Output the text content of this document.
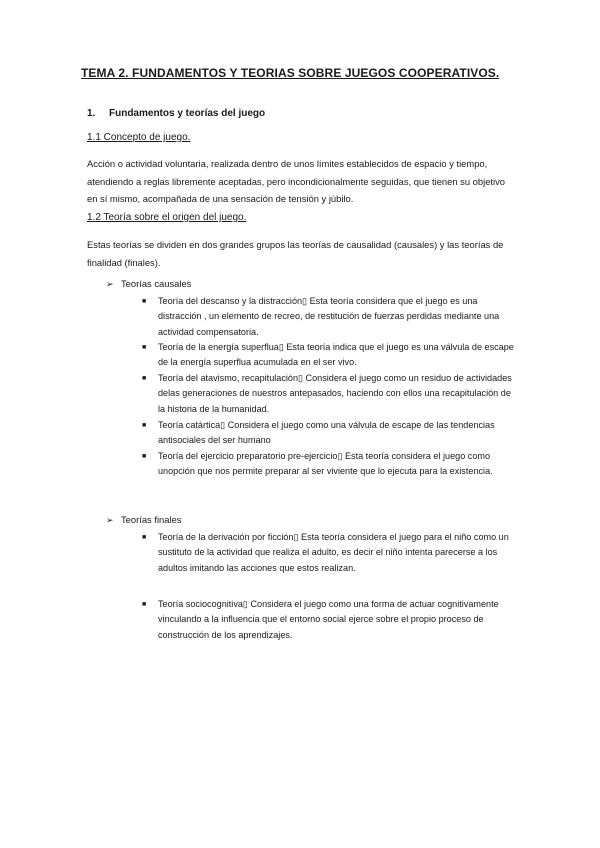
TEMA 2. FUNDAMENTOS Y TEORIAS SOBRE JUEGOS COOPERATIVOS.
1. Fundamentos y teorías del juego
1.1 Concepto de juego.
Acción o actividad voluntaria, realizada dentro de unos límites establecidos de espacio y tiempo, atendiendo a reglas libremente aceptadas, pero incondicionalmente seguidas, que tienen su objetivo en sí mismo, acompañada de una sensación de tensión y júbilo.
1.2 Teoría sobre el origen del juego.
Estas teorías se dividen en dos grandes grupos las teorías de causalidad (causales) y las teorías de finalidad (finales).
➢ Teorías causales
■	Teoría del descanso y la distracción▯ Esta teoría considera que el juego es una distracción , un elemento de recreo, de restitución de fuerzas perdidas mediante una actividad compensatoria.
■	Teoría de la energía superflua▯ Esta teoría indica que el juego es una válvula de escape de la energía superflua acumulada en el ser vivo.
■	Teoría del atavismo, recapitulación▯ Considera el juego como un residuo de actividades delas generaciones de nuestros antepasados, haciendo con ellos una recapitulación de la historia de la humanidad.
■	Teoría catártica▯ Considera el juego como una válvula de escape de las tendencias antisociales del ser humano
■	Teoría del ejercicio preparatorio pre-ejercicio▯ Esta teoría considera el juego como unopción que nos permite preparar al ser viviente que lo ejecuta para la existencia.
➢ Teorías finales
■	Teoría de la derivación por ficción▯ Esta teoría considera el juego para el niño como un sustituto de la actividad que realiza el adulto, es decir el niño intenta parecerse a los adultos imitando las acciones que estos realizan.
■	Teoría sociocognitiva▯ Considera el juego como una forma de actuar cognitivamente vinculando a la influencia que el entorno social ejerce sobre el propio proceso de construcción de los aprendizajes.
